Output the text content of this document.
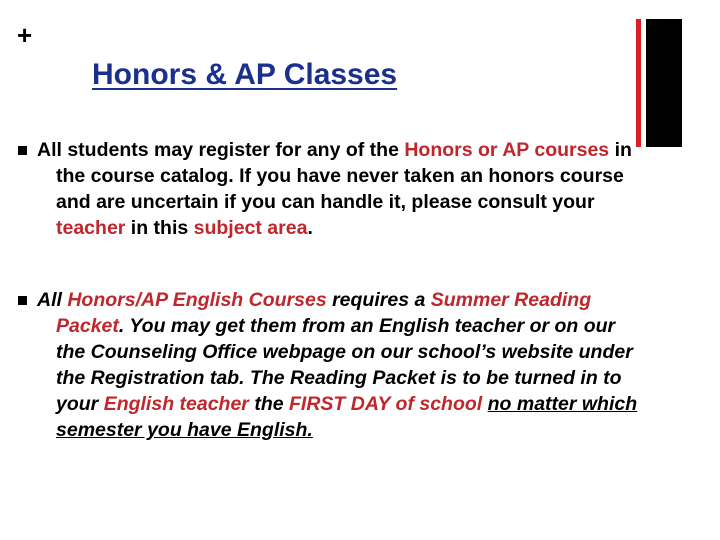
+
Honors & AP Classes
All students may register for any of the Honors or AP courses in the course catalog. If you have never taken an honors course and are uncertain if you can handle it, please consult your teacher in this subject area.
All Honors/AP English Courses requires a Summer Reading Packet. You may get them from an English teacher or on our the Counseling Office webpage on our school’s website under the Registration tab. The Reading Packet is to be turned in to your English teacher the FIRST DAY of school no matter which semester you have English.
